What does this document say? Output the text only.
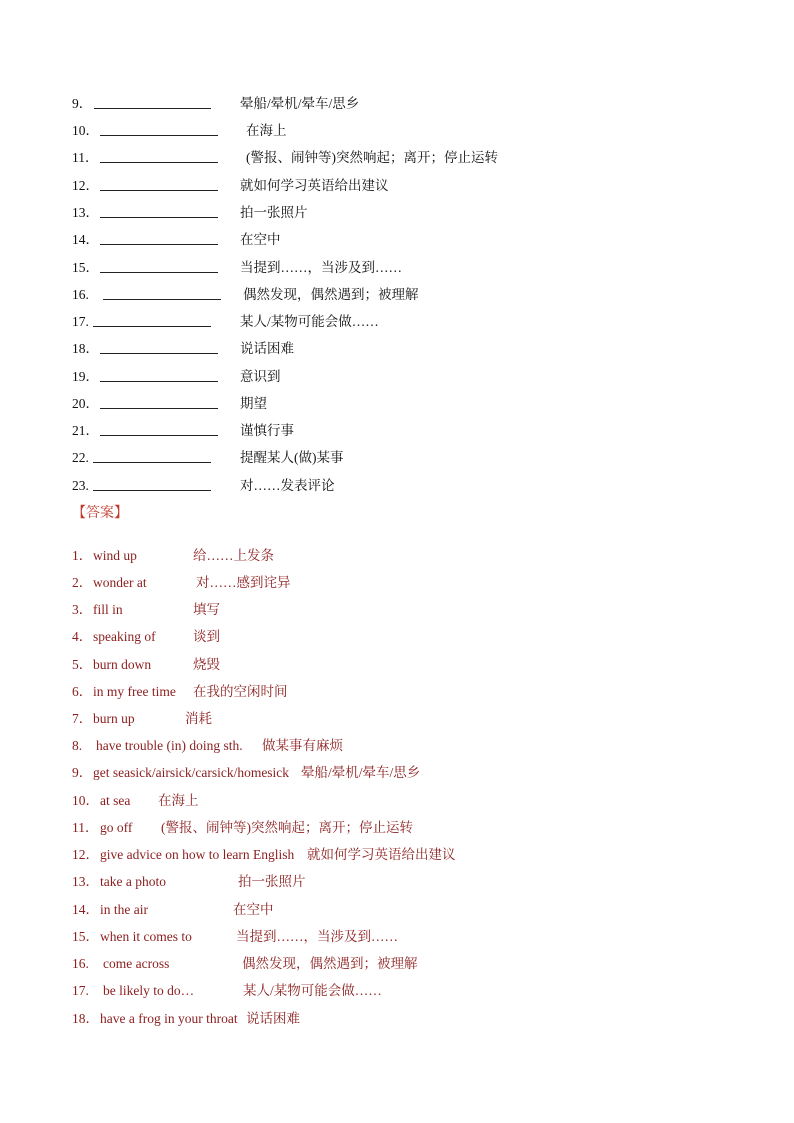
9．	晕船/晕机/晕车/思乡
10．	在海上
11．	(警报、闹钟等)突然响起；离开；停止运转
12．	就如何学习英语给出建议
13．	拍一张照片
14．	在空中
15．	当提到……，当涉及到……
16.	偶然发现，偶然遇到；被理解
17.	某人/某物可能会做……
18．	说话困难
19．	意识到
20．	期望
21．	谨慎行事
22.	提醒某人(做)某事
23.	对……发表评论
【答案】
1． wind up	给……上发条
2． wonder at	对……感到诧异
3． fill in	填写
4． speaking of	谈到
5． burn down	烧毁
6． in my free time 在我的空闲时间
7． burn up	消耗
8. have trouble (in) doing sth. 做某事有麻烦
9． get seasick/airsick/carsick/homesick 晕船/晕机/晕车/思乡
10． at sea 在海上
11． go off (警报、闹钟等)突然响起；离开；停止运转
12． give advice on how to learn English 就如何学习英语给出建议
13． take a photo	拍一张照片
14． in the air	在空中
15． when it comes to	当提到……，当涉及到……
16. come across	偶然发现，偶然遇到；被理解
17. be likely to do…	某人/某物可能会做……
18． have a frog in your throat 说话困难
